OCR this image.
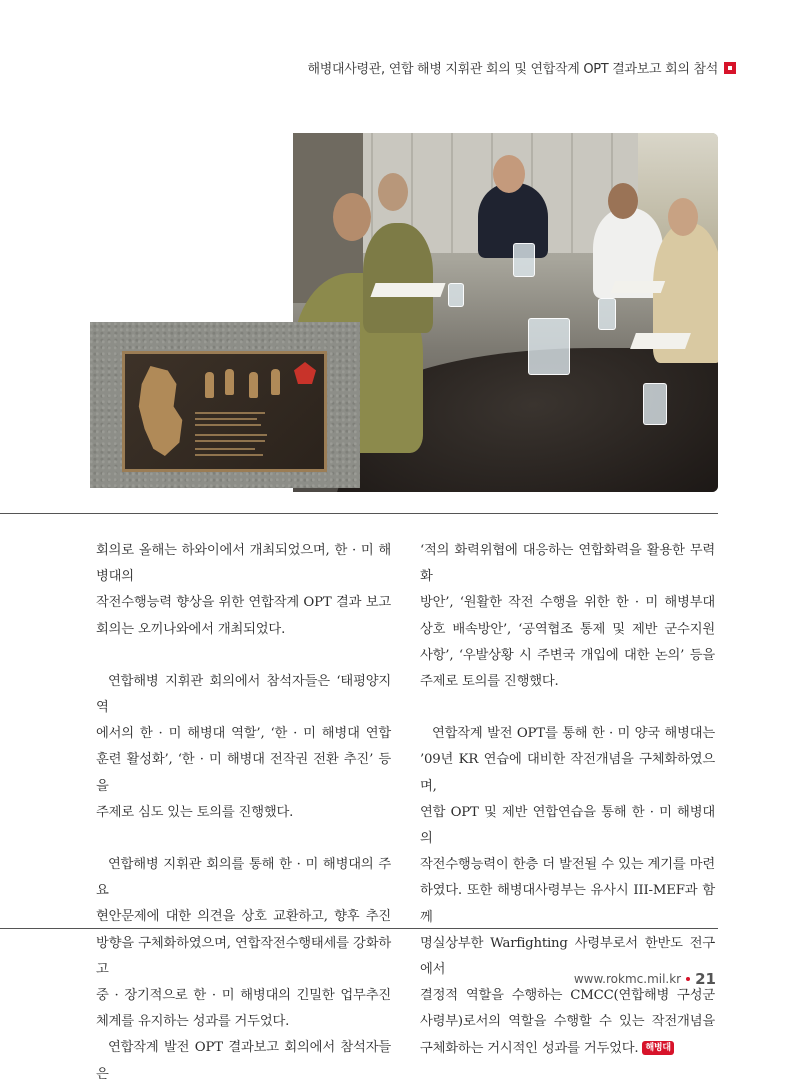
해병대사령관, 연합 해병 지휘관 회의 및 연합작계 OPT 결과보고 회의 참석

회의로 올해는 하와이에서 개최되었으며, 한 · 미 해병대의

작전수행능력 향상을 위한 연합작계 OPT 결과 보고

회의는 오끼나와에서 개최되었다.

연합해병 지휘관 회의에서 참석자들은 ‘태평양지역

에서의 한 · 미 해병대 역할’, ‘한 · 미 해병대 연합

훈련 활성화’, ‘한 · 미 해병대 전작권 전환 추진’ 등을

주제로 심도 있는 토의를 진행했다.

연합해병 지휘관 회의를 통해 한 · 미 해병대의 주요

현안문제에 대한 의견을 상호 교환하고, 향후 추진

방향을 구체화하였으며, 연합작전수행태세를 강화하고

중 · 장기적으로 한 · 미 해병대의 긴밀한 업무추진

체계를 유지하는 성과를 거두었다.

연합작계 발전 OPT 결과보고 회의에서 참석자들은

‘적의 화력위협에 대응하는 연합화력을 활용한 무력화

방안’, ‘원활한 작전 수행을 위한 한 · 미 해병부대

상호 배속방안’, ‘공역협조 통제 및 제반 군수지원

사항’, ‘우발상황 시 주변국 개입에 대한 논의’ 등을

주제로 토의를 진행했다.

연합작계 발전 OPT를 통해 한 · 미 양국 해병대는

’09년 KR 연습에 대비한 작전개념을 구체화하였으며,

연합 OPT 및 제반 연합연습을 통해 한 · 미 해병대의

작전수행능력이 한층 더 발전될 수 있는 계기를 마련

하였다. 또한 해병대사령부는 유사시 III-MEF과 함께

명실상부한 Warfighting 사령부로서 한반도 전구에서

결정적 역할을 수행하는 CMCC(연합해병 구성군

사령부)로서의 역할을 수행할 수 있는 작전개념을

구체화하는 거시적인 성과를 거두었다. 해병대

www.rokmc.mil.kr 21
